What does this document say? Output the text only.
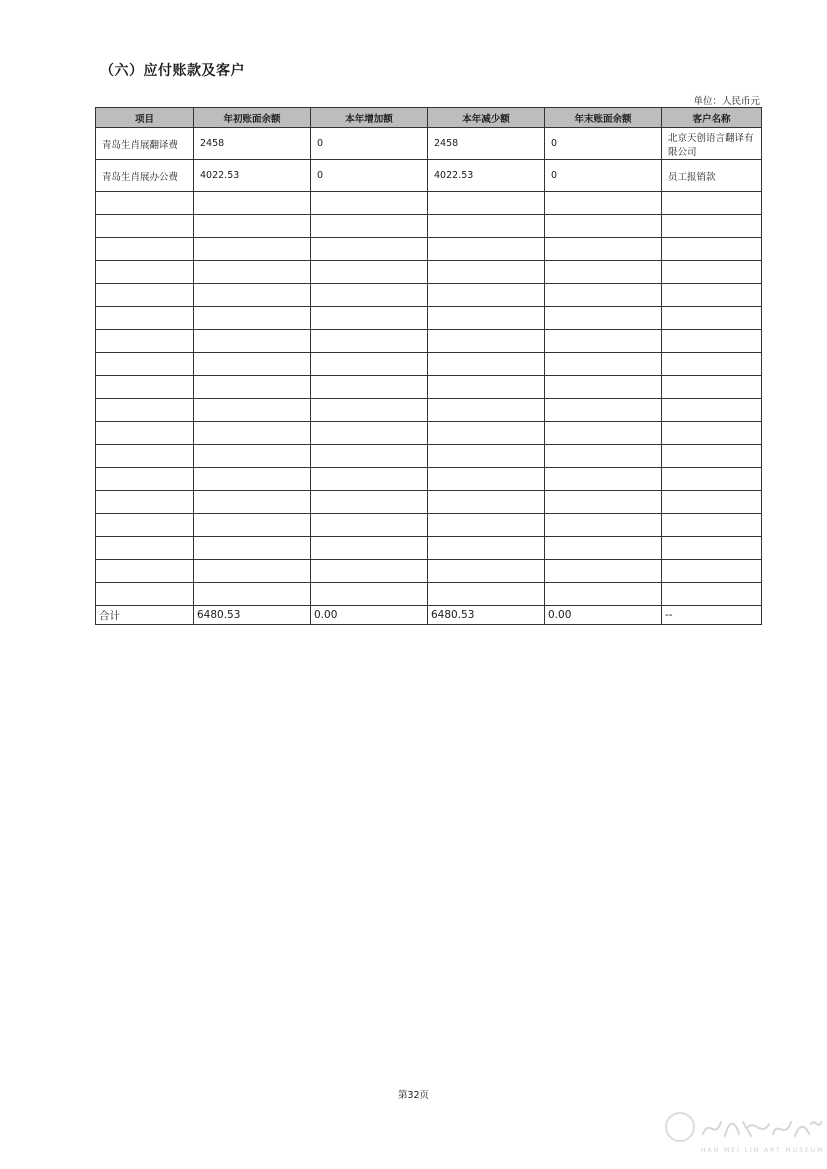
（六）应付账款及客户
单位：人民币元
项目	年初账面余额	本年增加额	本年减少额	年末账面余额	客户名称
青岛生肖展翻译费	2458	0	2458	0	北京天创语言翻译有限公司
青岛生肖展办公费	4022.53	0	4022.53	0	员工报销款

合计	6480.53	0.00	6480.53	0.00	--
第32页
HAN MEI LIN ART MUSEUM
